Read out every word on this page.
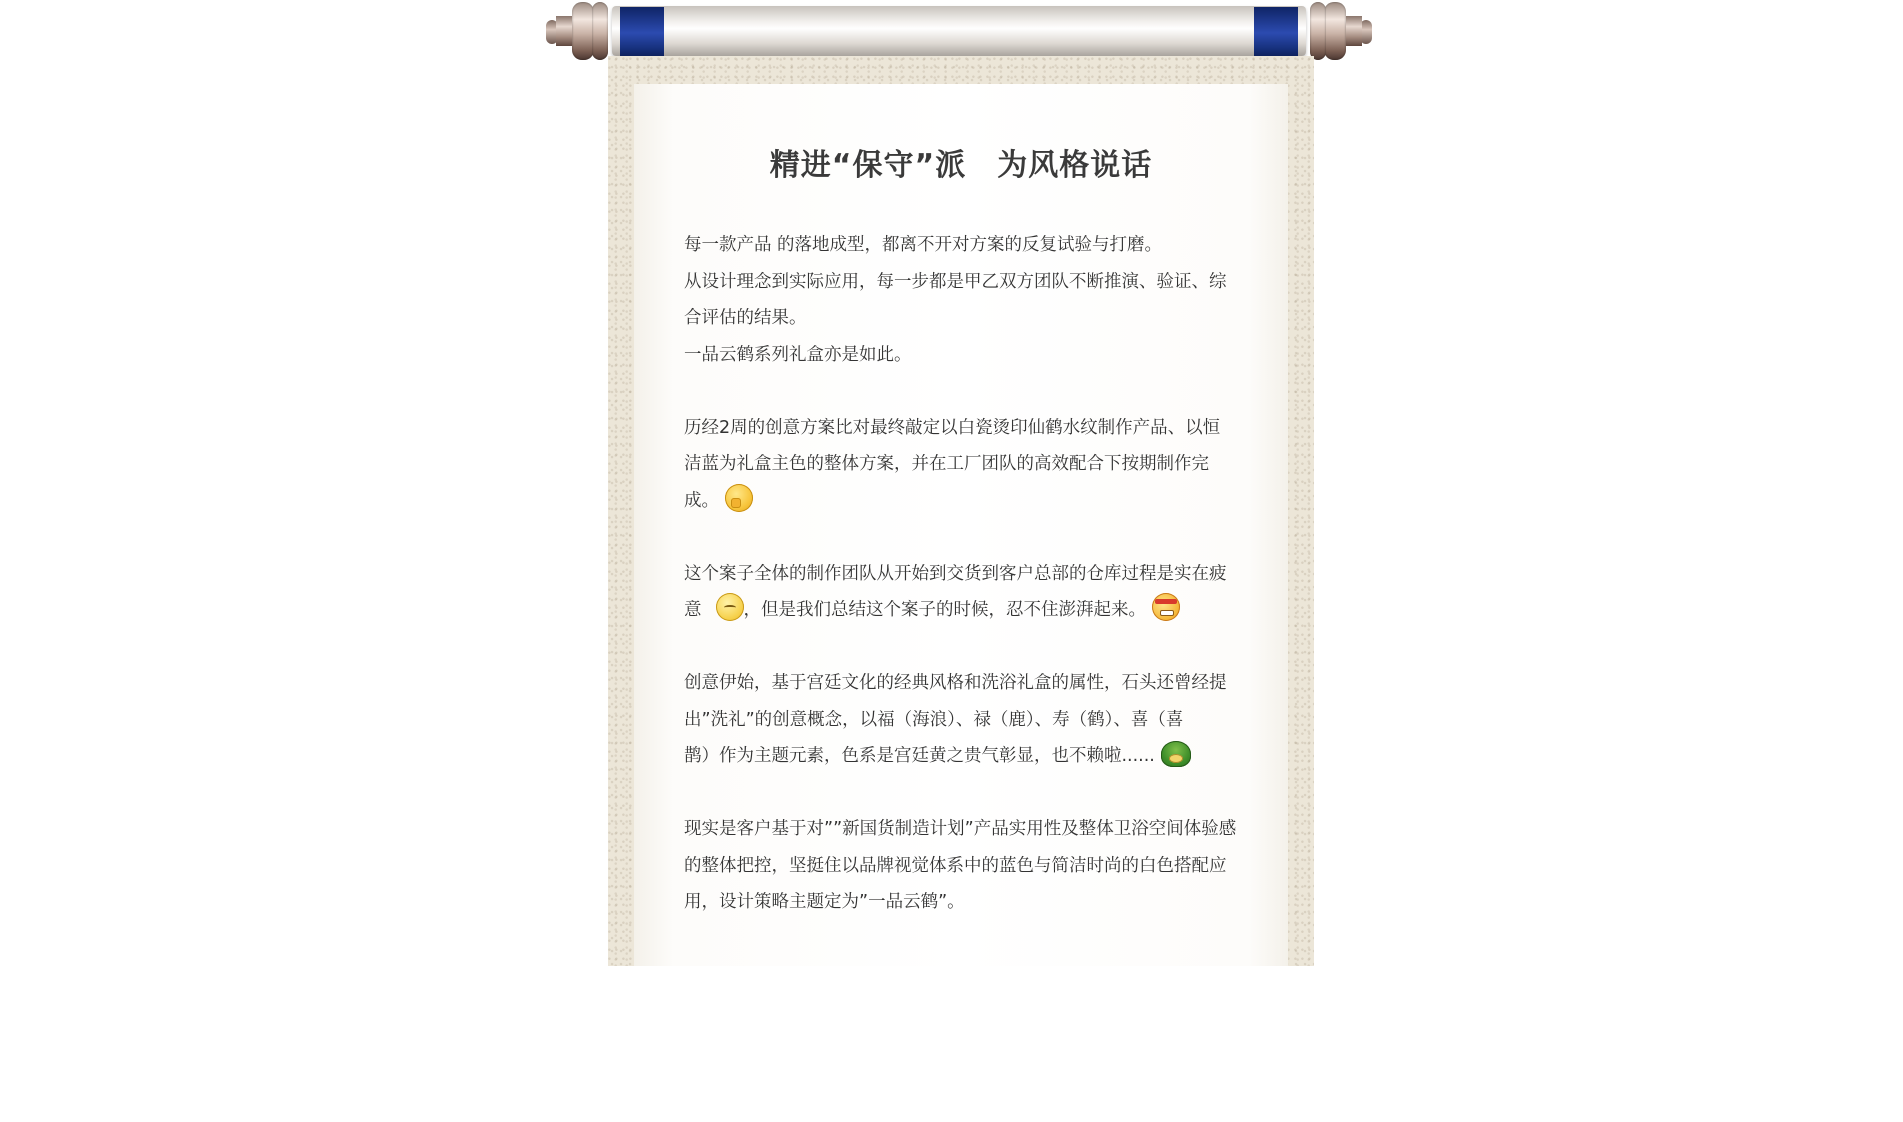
精进“保守”派　为风格说话

每一款产品 的落地成型，都离不开对方案的反复试验与打磨。
从设计理念到实际应用，每一步都是甲乙双方团队不断推演、验证、综
合评估的结果。
一品云鹤系列礼盒亦是如此。

历经2周的创意方案比对最终敲定以白瓷烫印仙鹤水纹制作产品、以恒
洁蓝为礼盒主色的整体方案，并在工厂团队的高效配合下按期制作完
成。

这个案子全体的制作团队从开始到交货到客户总部的仓库过程是实在疲
意 ，但是我们总结这个案子的时候，忍不住澎湃起来。

创意伊始，基于宫廷文化的经典风格和洗浴礼盒的属性，石头还曾经提
出”洗礼”的创意概念，以福（海浪）、禄（鹿）、寿（鹤）、喜（喜
鹊）作为主题元素，色系是宫廷黄之贵气彰显，也不赖啦......

现实是客户基于对””新国货制造计划”产品实用性及整体卫浴空间体验感
的整体把控，坚挺住以品牌视觉体系中的蓝色与简洁时尚的白色搭配应
用，设计策略主题定为”一品云鹤”。
